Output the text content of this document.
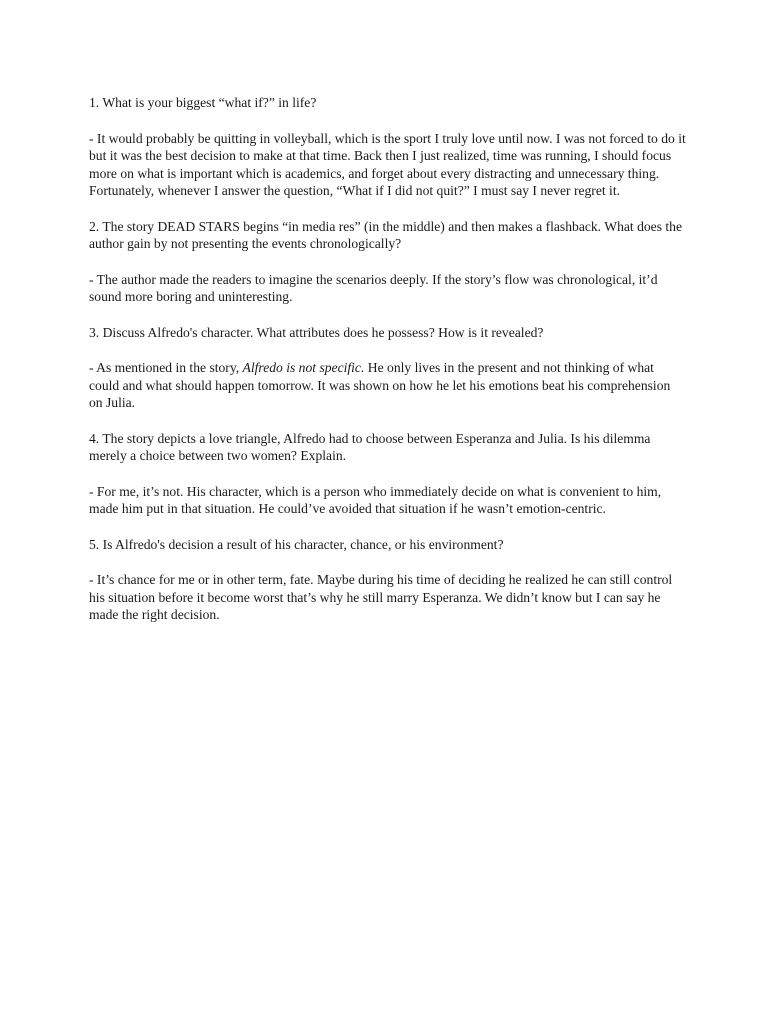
1. What is your biggest “what if?” in life?

- It would probably be quitting in volleyball, which is the sport I truly love until now. I was not forced to do it but it was the best decision to make at that time. Back then I just realized, time was running, I should focus more on what is important which is academics, and forget about every distracting and unnecessary thing. Fortunately, whenever I answer the question, “What if I did not quit?” I must say I never regret it.

2. The story DEAD STARS begins “in media res” (in the middle) and then makes a flashback. What does the author gain by not presenting the events chronologically?

- The author made the readers to imagine the scenarios deeply. If the story’s flow was chronological, it’d sound more boring and uninteresting.

3. Discuss Alfredo's character. What attributes does he possess? How is it revealed?

- As mentioned in the story, Alfredo is not specific. He only lives in the present and not thinking of what could and what should happen tomorrow. It was shown on how he let his emotions beat his comprehension on Julia.

4. The story depicts a love triangle, Alfredo had to choose between Esperanza and Julia. Is his dilemma merely a choice between two women? Explain.

- For me, it’s not. His character, which is a person who immediately decide on what is convenient to him, made him put in that situation. He could’ve avoided that situation if he wasn’t emotion-centric.

5. Is Alfredo's decision a result of his character, chance, or his environment?

- It’s chance for me or in other term, fate. Maybe during his time of deciding he realized he can still control his situation before it become worst that’s why he still marry Esperanza. We didn’t know but I can say he made the right decision.
